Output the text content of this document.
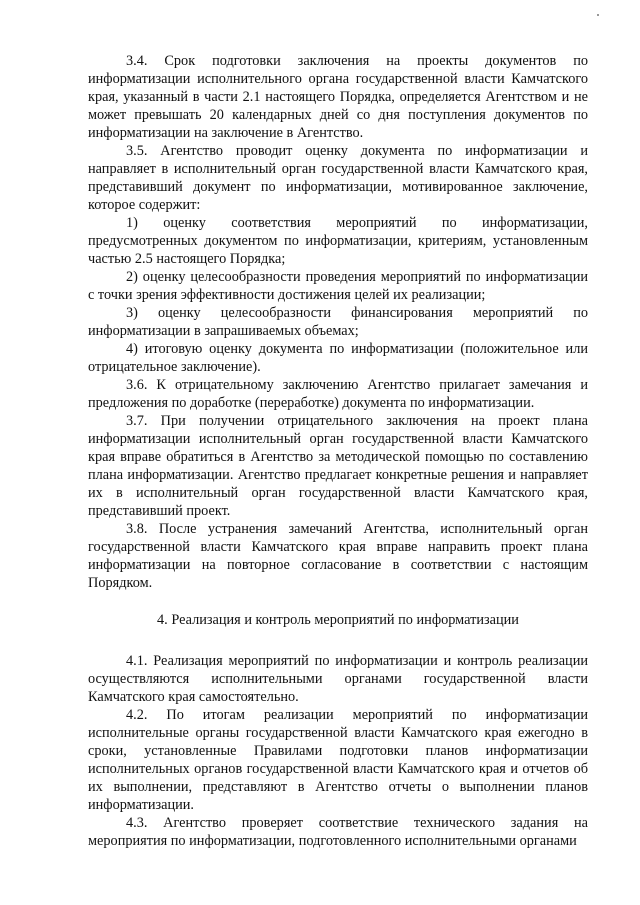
3.4. Срок подготовки заключения на проекты документов по информатизации исполнительного органа государственной власти Камчатского края, указанный в части 2.1 настоящего Порядка, определяется Агентством и не может превышать 20 календарных дней со дня поступления документов по информатизации на заключение в Агентство.

3.5. Агентство проводит оценку документа по информатизации и направляет в исполнительный орган государственной власти Камчатского края, представивший документ по информатизации, мотивированное заключение, которое содержит:

1) оценку соответствия мероприятий по информатизации, предусмотренных документом по информатизации, критериям, установленным частью 2.5 настоящего Порядка;

2) оценку целесообразности проведения мероприятий по информатизации с точки зрения эффективности достижения целей их реализации;

3) оценку целесообразности финансирования мероприятий по информатизации в запрашиваемых объемах;

4) итоговую оценку документа по информатизации (положительное или отрицательное заключение).

3.6. К отрицательному заключению Агентство прилагает замечания и предложения по доработке (переработке) документа по информатизации.

3.7. При получении отрицательного заключения на проект плана информатизации исполнительный орган государственной власти Камчатского края вправе обратиться в Агентство за методической помощью по составлению плана информатизации. Агентство предлагает конкретные решения и направляет их в исполнительный орган государственной власти Камчатского края, представивший проект.

3.8. После устранения замечаний Агентства, исполнительный орган государственной власти Камчатского края вправе направить проект плана информатизации на повторное согласование в соответствии с настоящим Порядком.

4. Реализация и контроль мероприятий по информатизации

4.1. Реализация мероприятий по информатизации и контроль реализации осуществляются исполнительными органами государственной власти Камчатского края самостоятельно.

4.2. По итогам реализации мероприятий по информатизации исполнительные органы государственной власти Камчатского края ежегодно в сроки, установленные Правилами подготовки планов информатизации исполнительных органов государственной власти Камчатского края и отчетов об их выполнении, представляют в Агентство отчеты о выполнении планов информатизации.

4.3. Агентство проверяет соответствие технического задания на мероприятия по информатизации, подготовленного исполнительными органами
